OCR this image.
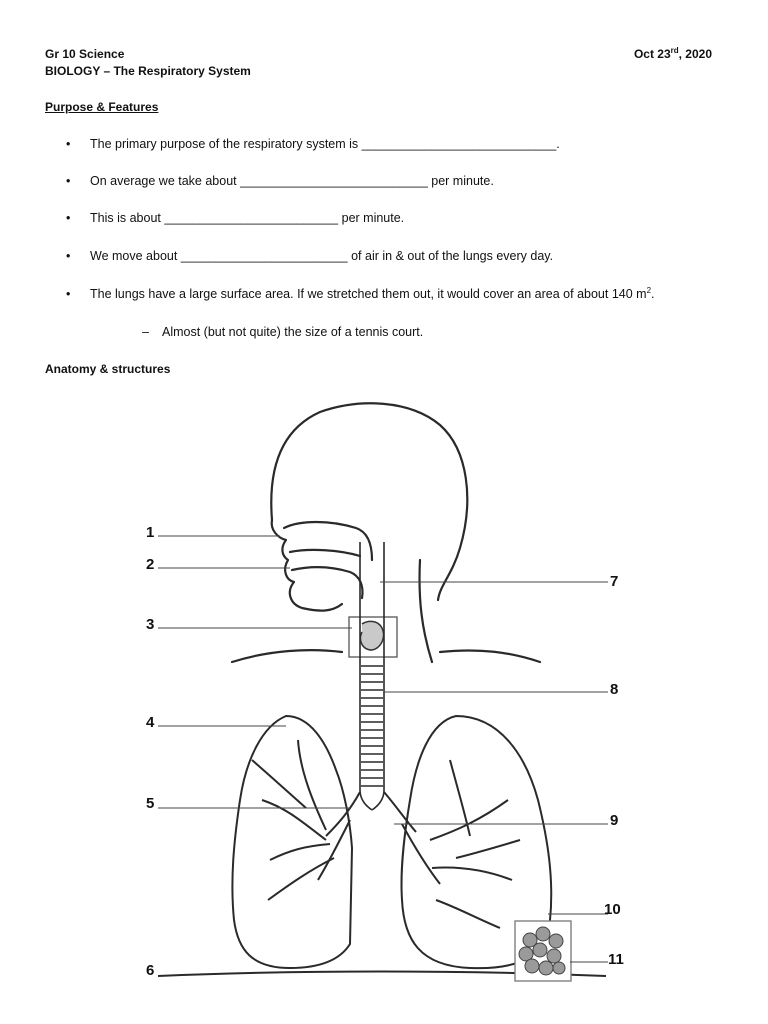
Gr 10 Science
BIOLOGY – The Respiratory System
Oct 23rd, 2020
Purpose & Features
• The primary purpose of the respiratory system is ____________________________.
• On average we take about ___________________________ per minute.
• This is about _________________________ per minute.
• We move about ________________________ of air in & out of the lungs every day.
• The lungs have a large surface area. If we stretched them out, it would cover an area of about 140 $m^2$.
– Almost (but not quite) the size of a tennis court.
Anatomy & structures
1
2
3
4
5
6
7
8
9
10
11
